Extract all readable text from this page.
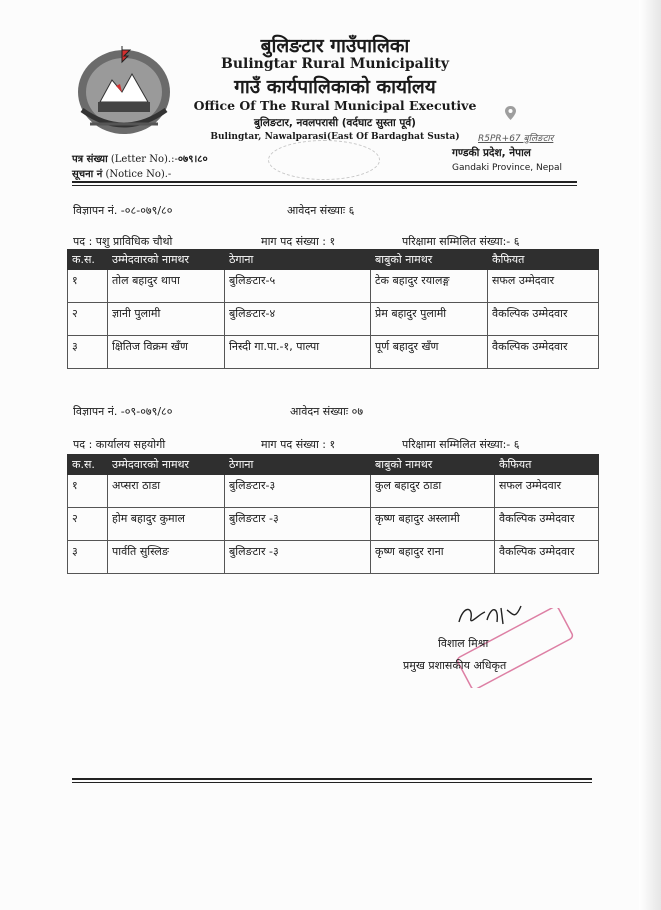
बुलिङटार गाउँपालिका
Bulingtar Rural Municipality
गाउँ कार्यपालिकाको कार्यालय
Office Of The Rural Municipal Executive
बुलिङटार, नवलपरासी (वर्दघाट सुस्ता पूर्व)
Bulingtar, Nawalparasi(East Of Bardaghat Susta)	R5PR+67 बुलिङटार
गण्डकी प्रदेश, नेपाल
Gandaki Province, Nepal
पत्र संख्या (Letter No).:-०७९।८०
सूचना नं (Notice No).-
विज्ञापन नं. -०८-०७९/८०	आवेदन संख्याः ६
पद : पशु प्राविधिक चौथो	माग पद संख्या : १	परिक्षामा सम्मिलित संख्या:- ६
क.स.	उम्मेदवारको नामथर	ठेगाना	बाबुको नामथर	कैफियत
१	तोल बहादुर थापा	बुलिङटार-५	टेक बहादुर रयालङ्ग	सफल उम्मेदवार
२	ज्ञानी पुलामी	बुलिङटार-४	प्रेम बहादुर पुलामी	वैकल्पिक उम्मेदवार
३	क्षितिज विक्रम खँण	निस्दी गा.पा.-१, पाल्पा	पूर्ण बहादुर खँण	वैकल्पिक उम्मेदवार
विज्ञापन नं. -०९-०७९/८०	आवेदन संख्याः ०७
पद : कार्यालय सहयोगी	माग पद संख्या : १	परिक्षामा सम्मिलित संख्या:- ६
क.स.	उम्मेदवारको नामथर	ठेगाना	बाबुको नामथर	कैफियत
१	अप्सरा ठाडा	बुलिङटार-३	कुल बहादुर ठाडा	सफल उम्मेदवार
२	होम बहादुर कुमाल	बुलिङटार -३	कृष्ण बहादुर अस्लामी	वैकल्पिक उम्मेदवार
३	पार्वति सुस्लिङ	बुलिङटार -३	कृष्ण बहादुर राना	वैकल्पिक उम्मेदवार
विशाल मिश्रा
प्रमुख प्रशासकीय अधिकृत
